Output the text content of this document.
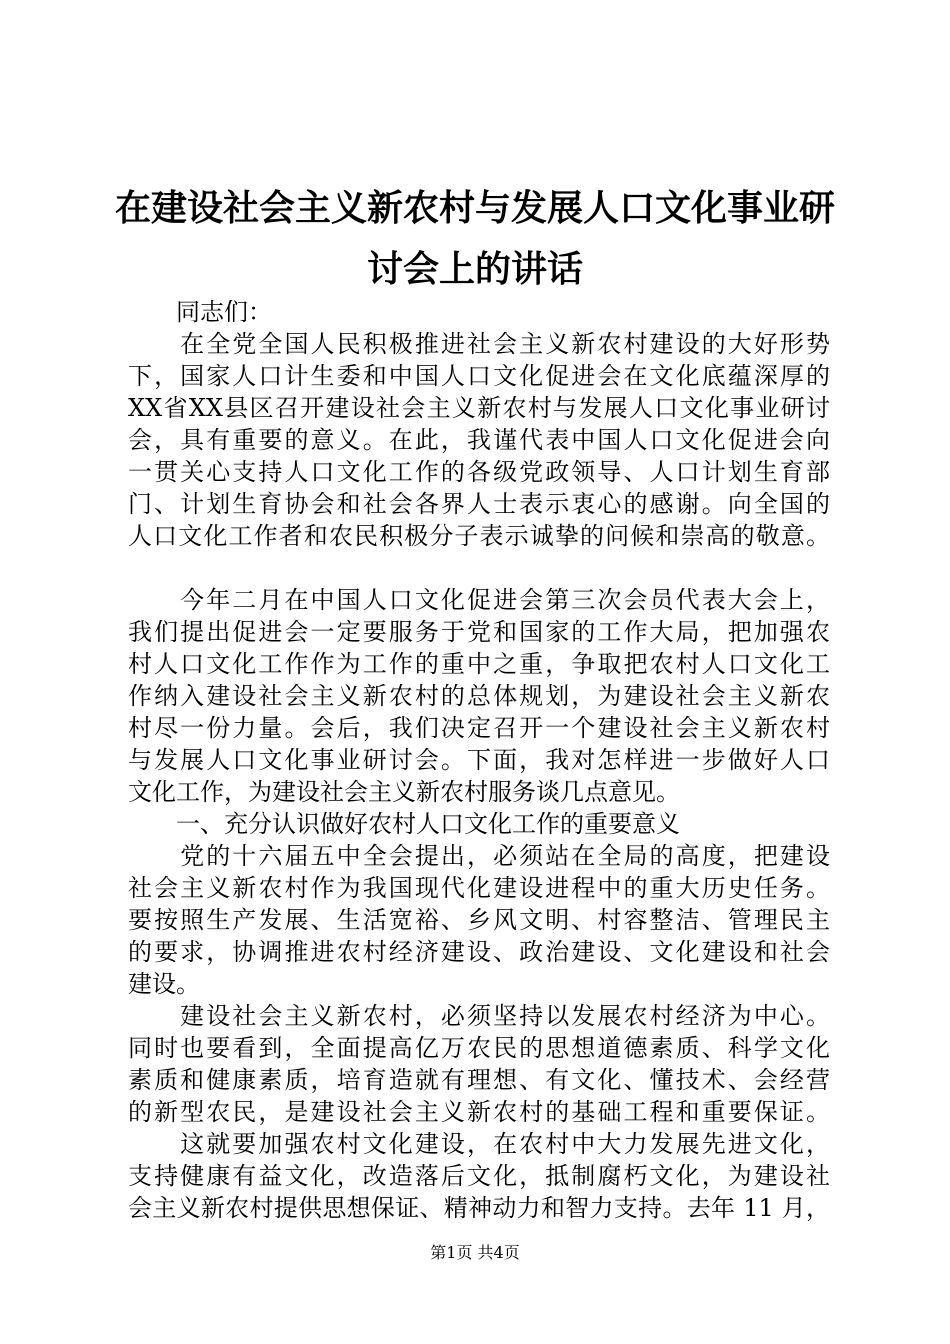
在建设社会主义新农村与发展人口文化事业研
讨会上的讲话
　　同志们：
　　在全党全国人民积极推进社会主义新农村建设的大好形势
下，国家人口计生委和中国人口文化促进会在文化底蕴深厚的
XX省XX县区召开建设社会主义新农村与发展人口文化事业研讨
会，具有重要的意义。在此，我谨代表中国人口文化促进会向
一贯关心支持人口文化工作的各级党政领导、人口计划生育部
门、计划生育协会和社会各界人士表示衷心的感谢。向全国的
人口文化工作者和农民积极分子表示诚挚的问候和崇高的敬意。
　　今年二月在中国人口文化促进会第三次会员代表大会上，
我们提出促进会一定要服务于党和国家的工作大局，把加强农
村人口文化工作作为工作的重中之重，争取把农村人口文化工
作纳入建设社会主义新农村的总体规划，为建设社会主义新农
村尽一份力量。会后，我们决定召开一个建设社会主义新农村
与发展人口文化事业研讨会。下面，我对怎样进一步做好人口
文化工作，为建设社会主义新农村服务谈几点意见。
　　一、充分认识做好农村人口文化工作的重要意义
　　党的十六届五中全会提出，必须站在全局的高度，把建设
社会主义新农村作为我国现代化建设进程中的重大历史任务。
要按照生产发展、生活宽裕、乡风文明、村容整洁、管理民主
的要求，协调推进农村经济建设、政治建设、文化建设和社会
建设。
　　建设社会主义新农村，必须坚持以发展农村经济为中心。
同时也要看到，全面提高亿万农民的思想道德素质、科学文化
素质和健康素质，培育造就有理想、有文化、懂技术、会经营
的新型农民，是建设社会主义新农村的基础工程和重要保证。
　　这就要加强农村文化建设，在农村中大力发展先进文化，
支持健康有益文化，改造落后文化，抵制腐朽文化，为建设社
会主义新农村提供思想保证、精神动力和智力支持。去年 11 月，
第1页 共4页
